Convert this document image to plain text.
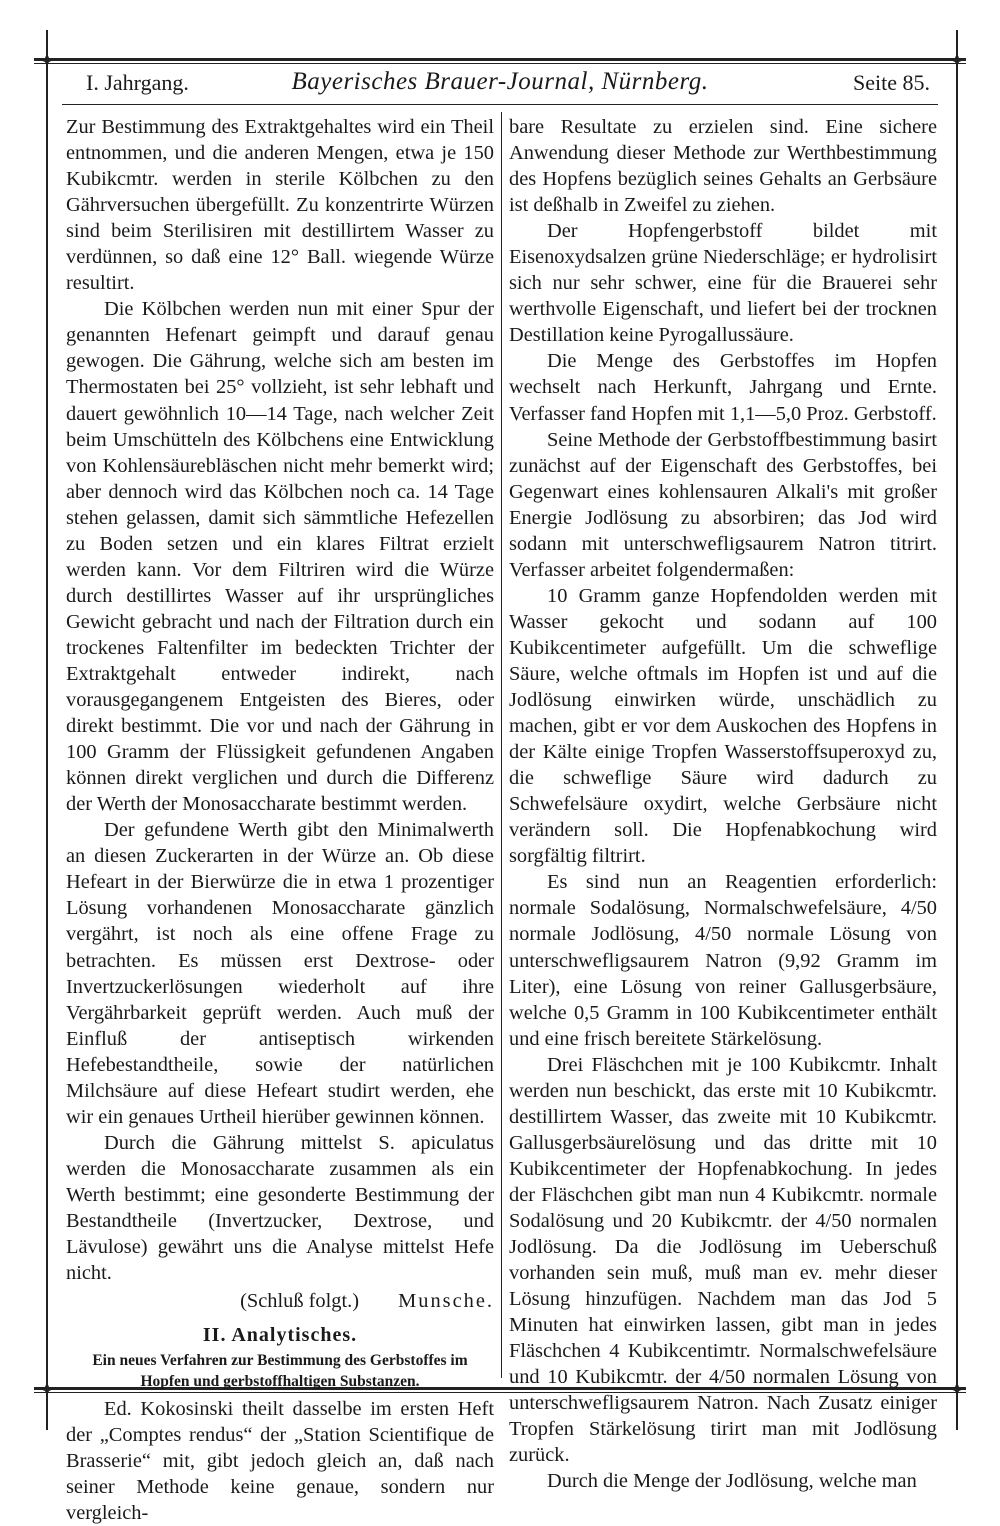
I. Jahrgang.	Bayerisches Brauer-Journal, Nürnberg.	Seite 85.

Zur Bestimmung des Extraktgehaltes wird ein Theil entnommen, und die anderen Mengen, etwa je 150 Kubikcmtr. werden in sterile Kölbchen zu den Gährversuchen übergefüllt. Zu konzentrirte Würzen sind beim Sterilisiren mit destillirtem Wasser zu verdünnen, so daß eine 12° Ball. wiegende Würze resultirt.

Die Kölbchen werden nun mit einer Spur der genannten Hefenart geimpft und darauf genau gewogen. Die Gährung, welche sich am besten im Thermostaten bei 25° vollzieht, ist sehr lebhaft und dauert gewöhnlich 10—14 Tage, nach welcher Zeit beim Umschütteln des Kölbchens eine Entwicklung von Kohlensäurebläschen nicht mehr bemerkt wird; aber dennoch wird das Kölbchen noch ca. 14 Tage stehen gelassen, damit sich sämmtliche Hefezellen zu Boden setzen und ein klares Filtrat erzielt werden kann. Vor dem Filtriren wird die Würze durch destillirtes Wasser auf ihr ursprüngliches Gewicht gebracht und nach der Filtration durch ein trockenes Faltenfilter im bedeckten Trichter der Extraktgehalt entweder indirekt, nach vorausgegangenem Entgeisten des Bieres, oder direkt bestimmt. Die vor und nach der Gährung in 100 Gramm der Flüssigkeit gefundenen Angaben können direkt verglichen und durch die Differenz der Werth der Monosaccharate bestimmt werden.

Der gefundene Werth gibt den Minimalwerth an diesen Zuckerarten in der Würze an. Ob diese Hefeart in der Bierwürze die in etwa 1 prozentiger Lösung vorhandenen Monosaccharate gänzlich vergährt, ist noch als eine offene Frage zu betrachten. Es müssen erst Dextrose- oder Invertzuckerlösungen wiederholt auf ihre Vergährbarkeit geprüft werden. Auch muß der Einfluß der antiseptisch wirkenden Hefebestandtheile, sowie der natürlichen Milchsäure auf diese Hefeart studirt werden, ehe wir ein genaues Urtheil hierüber gewinnen können.

Durch die Gährung mittelst S. apiculatus werden die Monosaccharate zusammen als ein Werth bestimmt; eine gesonderte Bestimmung der Bestandtheile (Invertzucker, Dextrose, und Lävulose) gewährt uns die Analyse mittelst Hefe nicht.

(Schluß folgt.) Munsche.
II. Analytisches.
Ein neues Verfahren zur Bestimmung des Gerbstoffes im Hopfen und gerbstoffhaltigen Substanzen.

Ed. Kokosinski theilt dasselbe im ersten Heft der „Comptes rendus“ der „Station Scientifique de Brasserie“ mit, gibt jedoch gleich an, daß nach seiner Methode keine genaue, sondern nur vergleich-

bare Resultate zu erzielen sind. Eine sichere Anwendung dieser Methode zur Werthbestimmung des Hopfens bezüglich seines Gehalts an Gerbsäure ist deßhalb in Zweifel zu ziehen.

Der Hopfengerbstoff bildet mit Eisenoxydsalzen grüne Niederschläge; er hydrolisirt sich nur sehr schwer, eine für die Brauerei sehr werthvolle Eigenschaft, und liefert bei der trocknen Destillation keine Pyrogallussäure.

Die Menge des Gerbstoffes im Hopfen wechselt nach Herkunft, Jahrgang und Ernte. Verfasser fand Hopfen mit 1,1—5,0 Proz. Gerbstoff.

Seine Methode der Gerbstoffbestimmung basirt zunächst auf der Eigenschaft des Gerbstoffes, bei Gegenwart eines kohlensauren Alkali's mit großer Energie Jodlösung zu absorbiren; das Jod wird sodann mit unterschwefligsaurem Natron titrirt. Verfasser arbeitet folgendermaßen:

10 Gramm ganze Hopfendolden werden mit Wasser gekocht und sodann auf 100 Kubikcentimeter aufgefüllt. Um die schweflige Säure, welche oftmals im Hopfen ist und auf die Jodlösung einwirken würde, unschädlich zu machen, gibt er vor dem Auskochen des Hopfens in der Kälte einige Tropfen Wasserstoffsuperoxyd zu, die schweflige Säure wird dadurch zu Schwefelsäure oxydirt, welche Gerbsäure nicht verändern soll. Die Hopfenabkochung wird sorgfältig filtrirt.

Es sind nun an Reagentien erforderlich: normale Sodalösung, Normalschwefelsäure, 4/50 normale Jodlösung, 4/50 normale Lösung von unterschwefligsaurem Natron (9,92 Gramm im Liter), eine Lösung von reiner Gallusgerbsäure, welche 0,5 Gramm in 100 Kubikcentimeter enthält und eine frisch bereitete Stärkelösung.

Drei Fläschchen mit je 100 Kubikcmtr. Inhalt werden nun beschickt, das erste mit 10 Kubikcmtr. destillirtem Wasser, das zweite mit 10 Kubikcmtr. Gallusgerbsäurelösung und das dritte mit 10 Kubikcentimeter der Hopfenabkochung. In jedes der Fläschchen gibt man nun 4 Kubikcmtr. normale Sodalösung und 20 Kubikcmtr. der 4/50 normalen Jodlösung. Da die Jodlösung im Ueberschuß vorhanden sein muß, muß man ev. mehr dieser Lösung hinzufügen. Nachdem man das Jod 5 Minuten hat einwirken lassen, gibt man in jedes Fläschchen 4 Kubikcentimtr. Normalschwefelsäure und 10 Kubikcmtr. der 4/50 normalen Lösung von unterschwefligsaurem Natron. Nach Zusatz einiger Tropfen Stärkelösung tirirt man mit Jodlösung zurück.

Durch die Menge der Jodlösung, welche man
